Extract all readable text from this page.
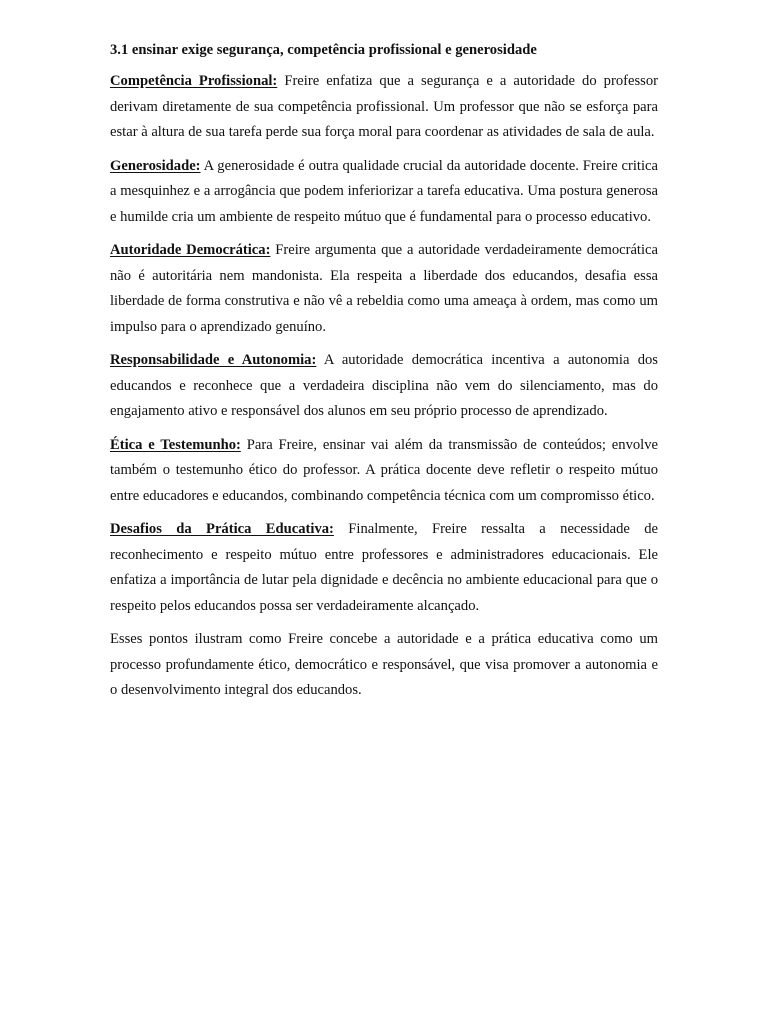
3.1 ensinar exige segurança, competência profissional e generosidade

Competência Profissional: Freire enfatiza que a segurança e a autoridade do professor derivam diretamente de sua competência profissional. Um professor que não se esforça para estar à altura de sua tarefa perde sua força moral para coordenar as atividades de sala de aula.

Generosidade: A generosidade é outra qualidade crucial da autoridade docente. Freire critica a mesquinhez e a arrogância que podem inferiorizar a tarefa educativa. Uma postura generosa e humilde cria um ambiente de respeito mútuo que é fundamental para o processo educativo.

Autoridade Democrática: Freire argumenta que a autoridade verdadeiramente democrática não é autoritária nem mandonista. Ela respeita a liberdade dos educandos, desafia essa liberdade de forma construtiva e não vê a rebeldia como uma ameaça à ordem, mas como um impulso para o aprendizado genuíno.

Responsabilidade e Autonomia: A autoridade democrática incentiva a autonomia dos educandos e reconhece que a verdadeira disciplina não vem do silenciamento, mas do engajamento ativo e responsável dos alunos em seu próprio processo de aprendizado.

Ética e Testemunho: Para Freire, ensinar vai além da transmissão de conteúdos; envolve também o testemunho ético do professor. A prática docente deve refletir o respeito mútuo entre educadores e educandos, combinando competência técnica com um compromisso ético.

Desafios da Prática Educativa: Finalmente, Freire ressalta a necessidade de reconhecimento e respeito mútuo entre professores e administradores educacionais. Ele enfatiza a importância de lutar pela dignidade e decência no ambiente educacional para que o respeito pelos educandos possa ser verdadeiramente alcançado.

Esses pontos ilustram como Freire concebe a autoridade e a prática educativa como um processo profundamente ético, democrático e responsável, que visa promover a autonomia e o desenvolvimento integral dos educandos.
